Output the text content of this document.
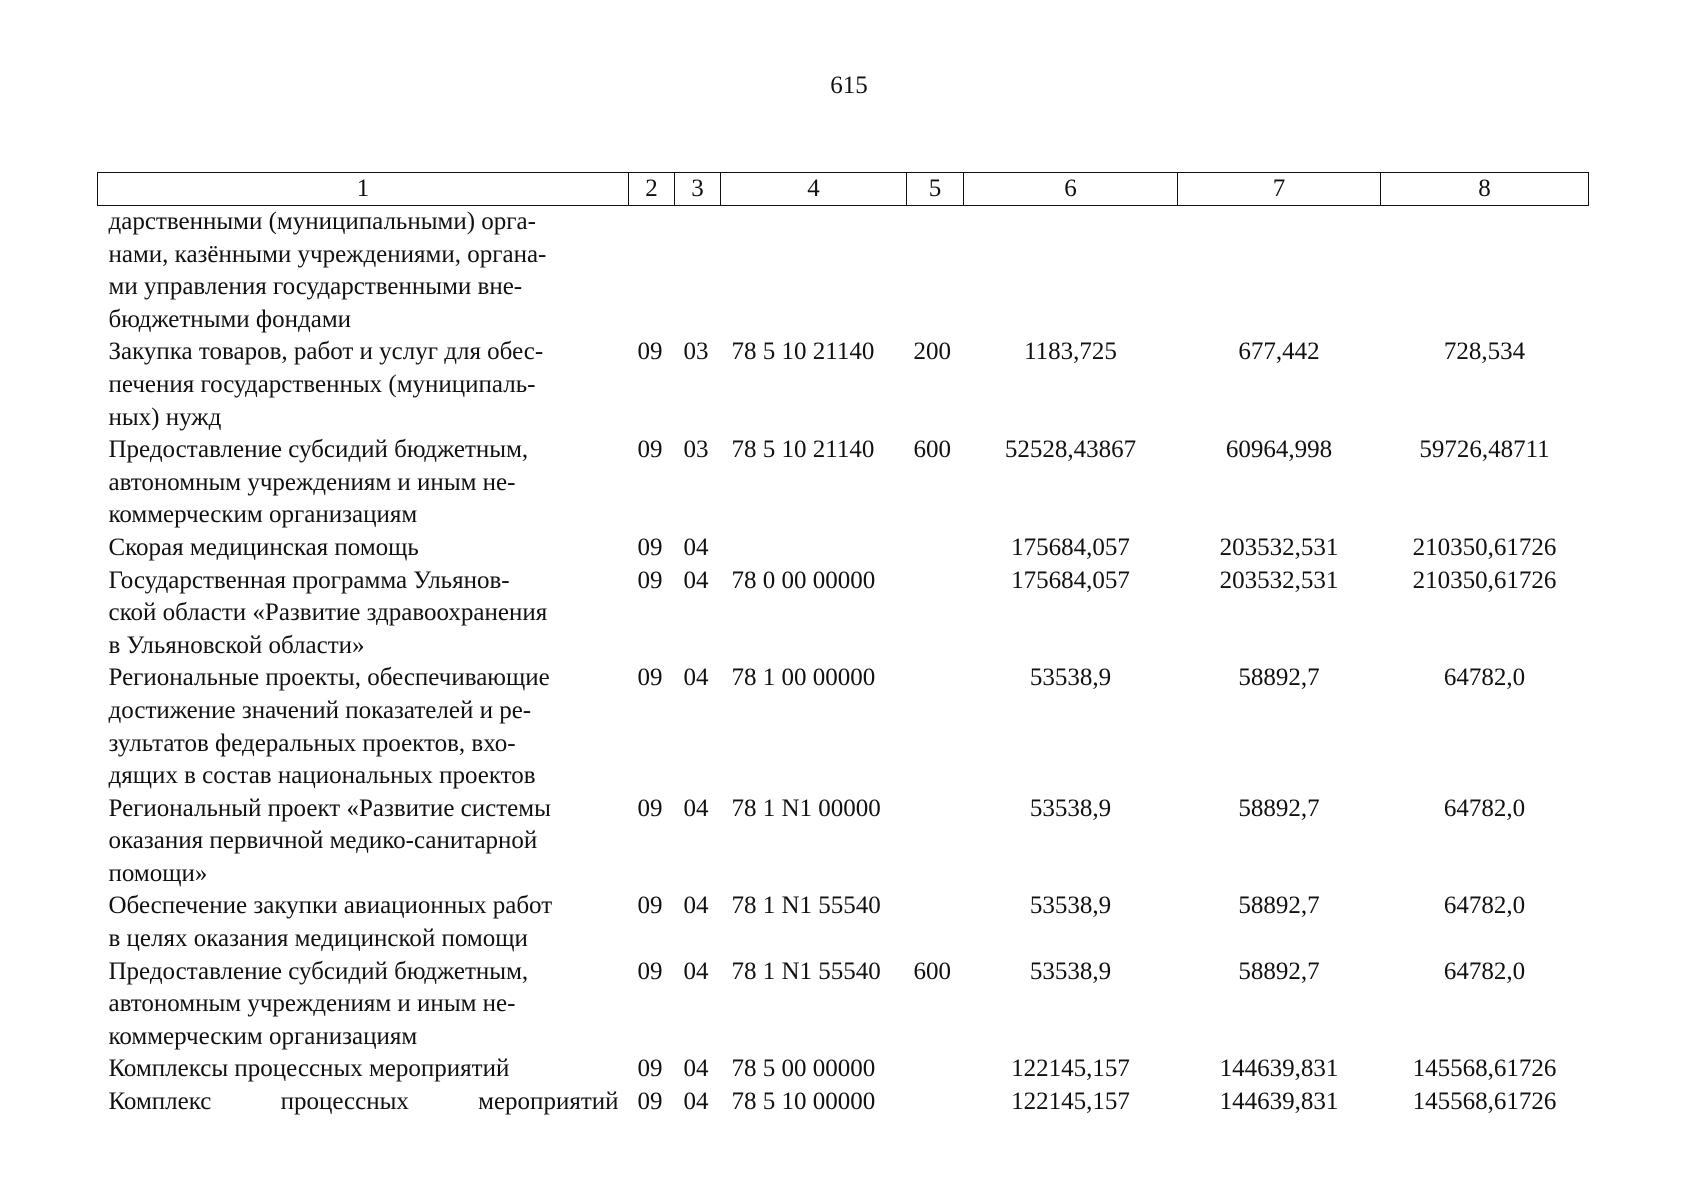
615
1	2	3	4	5	6	7	8

дарственными (муниципальными) орга-
нами, казёнными учреждениями, органа-
ми управления государственными вне-
бюджетными фондами							

Закупка товаров, работ и услуг для обес-
печения государственных (муниципаль-
ных) нужд	09	03	78 5 10 21140	200	1183,725	677,442	728,534

Предоставление субсидий бюджетным,
автономным учреждениям и иным не-
коммерческим организациям	09	03	78 5 10 21140	600	52528,43867	60964,998	59726,48711

Скорая медицинская помощь	09	04			175684,057	203532,531	210350,61726

Государственная программа Ульянов-
ской области «Развитие здравоохранения
в Ульяновской области»	09	04	78 0 00 00000		175684,057	203532,531	210350,61726

Региональные проекты, обеспечивающие
достижение значений показателей и ре-
зультатов федеральных проектов, вхо-
дящих в состав национальных проектов	09	04	78 1 00 00000		53538,9	58892,7	64782,0

Региональный проект «Развитие системы
оказания первичной медико-санитарной
помощи»	09	04	78 1 N1 00000		53538,9	58892,7	64782,0

Обеспечение закупки авиационных работ
в целях оказания медицинской помощи	09	04	78 1 N1 55540		53538,9	58892,7	64782,0

Предоставление субсидий бюджетным,
автономным учреждениям и иным не-
коммерческим организациям	09	04	78 1 N1 55540	600	53538,9	58892,7	64782,0

Комплексы процессных мероприятий	09	04	78 5 00 00000		122145,157	144639,831	145568,61726

Комплекс процессных мероприятий	09	04	78 5 10 00000		122145,157	144639,831	145568,61726
